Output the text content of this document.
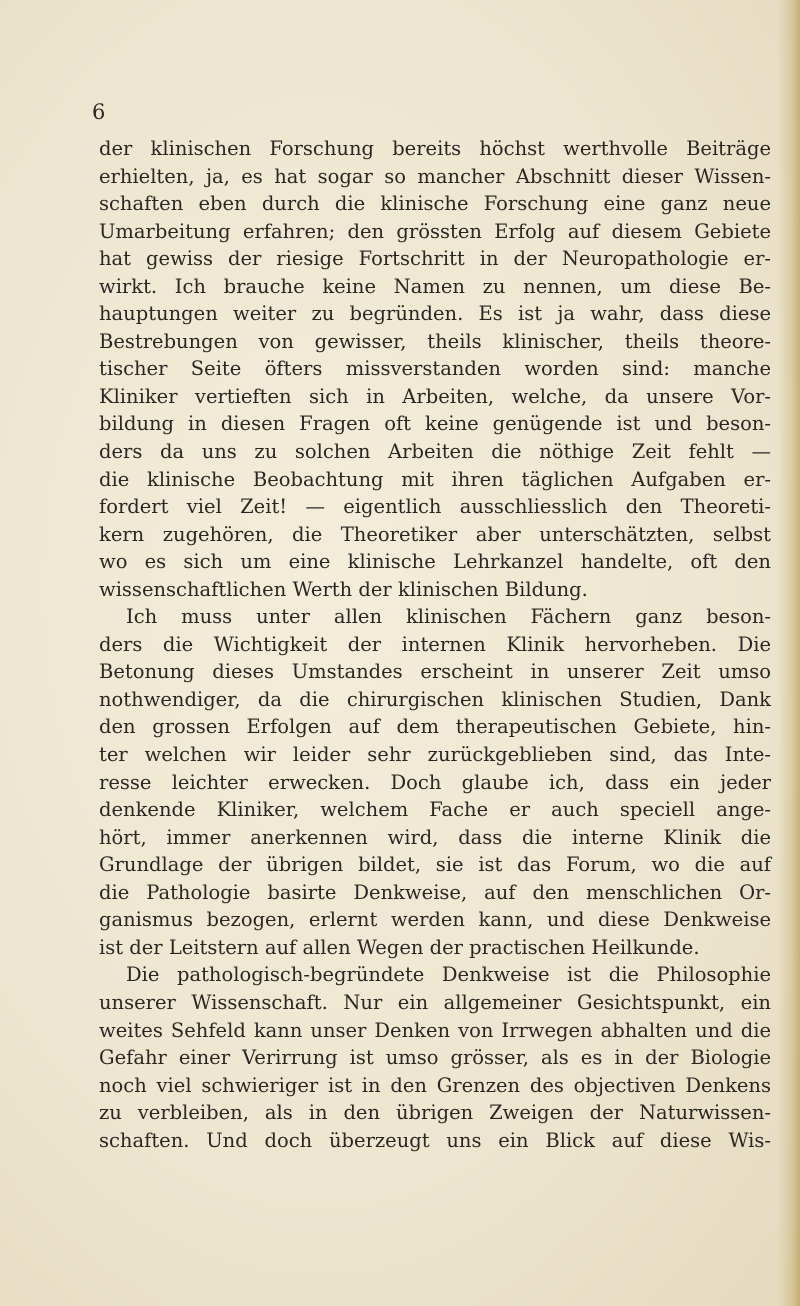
6
der klinischen Forschung bereits höchst werthvolle Beiträge
erhielten, ja, es hat sogar so mancher Abschnitt dieser Wissen-
schaften eben durch die klinische Forschung eine ganz neue
Umarbeitung erfahren; den grössten Erfolg auf diesem Gebiete
hat gewiss der riesige Fortschritt in der Neuropathologie er-
wirkt. Ich brauche keine Namen zu nennen, um diese Be-
hauptungen weiter zu begründen. Es ist ja wahr, dass diese
Bestrebungen von gewisser, theils klinischer, theils theore-
tischer Seite öfters missverstanden worden sind: manche
Kliniker vertieften sich in Arbeiten, welche, da unsere Vor-
bildung in diesen Fragen oft keine genügende ist und beson-
ders da uns zu solchen Arbeiten die nöthige Zeit fehlt —
die klinische Beobachtung mit ihren täglichen Aufgaben er-
fordert viel Zeit! — eigentlich ausschliesslich den Theoreti-
kern zugehören, die Theoretiker aber unterschätzten, selbst
wo es sich um eine klinische Lehrkanzel handelte, oft den
wissenschaftlichen Werth der klinischen Bildung.
Ich muss unter allen klinischen Fächern ganz beson-
ders die Wichtigkeit der internen Klinik hervorheben. Die
Betonung dieses Umstandes erscheint in unserer Zeit umso
nothwendiger, da die chirurgischen klinischen Studien, Dank
den grossen Erfolgen auf dem therapeutischen Gebiete, hin-
ter welchen wir leider sehr zurückgeblieben sind, das Inte-
resse leichter erwecken. Doch glaube ich, dass ein jeder
denkende Kliniker, welchem Fache er auch speciell ange-
hört, immer anerkennen wird, dass die interne Klinik die
Grundlage der übrigen bildet, sie ist das Forum, wo die auf
die Pathologie basirte Denkweise, auf den menschlichen Or-
ganismus bezogen, erlernt werden kann, und diese Denkweise
ist der Leitstern auf allen Wegen der practischen Heilkunde.
Die pathologisch-begründete Denkweise ist die Philosophie
unserer Wissenschaft. Nur ein allgemeiner Gesichtspunkt, ein
weites Sehfeld kann unser Denken von Irrwegen abhalten und die
Gefahr einer Verirrung ist umso grösser, als es in der Biologie
noch viel schwieriger ist in den Grenzen des objectiven Denkens
zu verbleiben, als in den übrigen Zweigen der Naturwissen-
schaften. Und doch überzeugt uns ein Blick auf diese Wis-
